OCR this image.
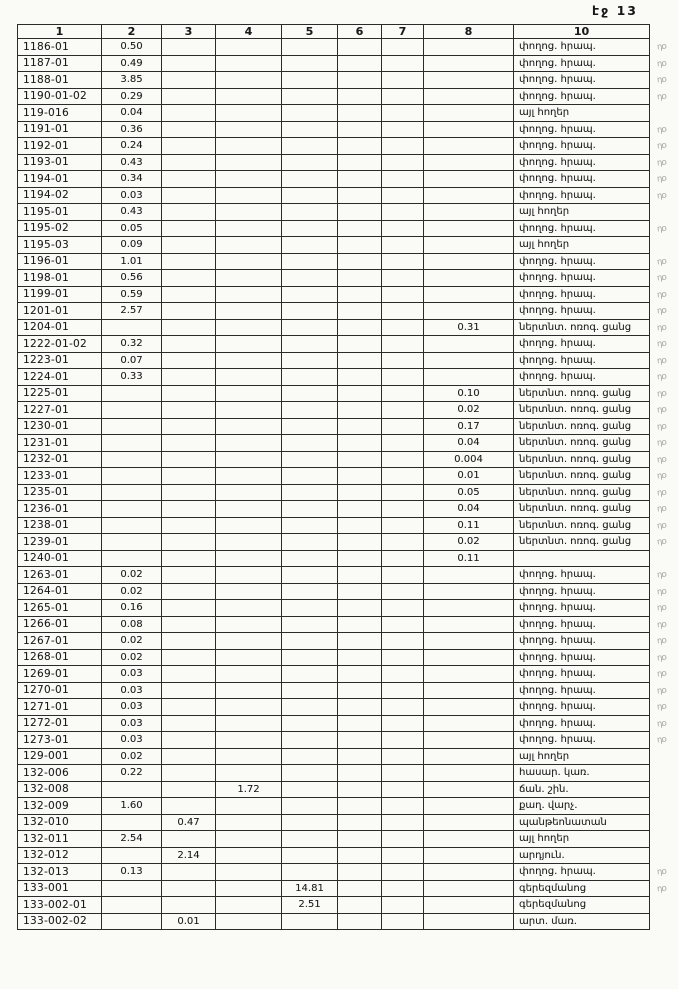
էջ 13
1	2	3	4	5	6	7	8	10	
1186-01	0.50							փողոց. հրապ.	դօ
1187-01	0.49							փողոց. հրապ.	դօ
1188-01	3.85							փողոց. հրապ.	դօ
1190-01-02	0.29							փողոց. հրապ.	դօ
119-016	0.04							այլ հողեր	
1191-01	0.36							փողոց. հրապ.	դօ
1192-01	0.24							փողոց. հրապ.	դօ
1193-01	0.43							փողոց. հրապ.	դօ
1194-01	0.34							փողոց. հրապ.	դօ
1194-02	0.03							փողոց. հրապ.	դօ
1195-01	0.43							այլ հողեր	
1195-02	0.05							փողոց. հրապ.	դօ
1195-03	0.09							այլ հողեր	
1196-01	1.01							փողոց. հրապ.	դօ
1198-01	0.56							փողոց. հրապ.	դօ
1199-01	0.59							փողոց. հրապ.	դօ
1201-01	2.57							փողոց. հրապ.	դօ
1204-01							0.31	ներտնտ. ոռոգ. ցանց	դօ
1222-01-02	0.32							փողոց. հրապ.	դօ
1223-01	0.07							փողոց. հրապ.	դօ
1224-01	0.33							փողոց. հրապ.	դօ
1225-01							0.10	ներտնտ. ոռոգ. ցանց	դօ
1227-01							0.02	ներտնտ. ոռոգ. ցանց	դօ
1230-01							0.17	ներտնտ. ոռոգ. ցանց	դօ
1231-01							0.04	ներտնտ. ոռոգ. ցանց	դօ
1232-01							0.004	ներտնտ. ոռոգ. ցանց	դօ
1233-01							0.01	ներտնտ. ոռոգ. ցանց	դօ
1235-01							0.05	ներտնտ. ոռոգ. ցանց	դօ
1236-01							0.04	ներտնտ. ոռոգ. ցանց	դօ
1238-01							0.11	ներտնտ. ոռոգ. ցանց	դօ
1239-01							0.02	ներտնտ. ոռոգ. ցանց	դօ
1240-01							0.11		
1263-01	0.02							փողոց. հրապ.	դօ
1264-01	0.02							փողոց. հրապ.	դօ
1265-01	0.16							փողոց. հրապ.	դօ
1266-01	0.08							փողոց. հրապ.	դօ
1267-01	0.02							փողոց. հրապ.	դօ
1268-01	0.02							փողոց. հրապ.	դօ
1269-01	0.03							փողոց. հրապ.	դօ
1270-01	0.03							փողոց. հրապ.	դօ
1271-01	0.03							փողոց. հրապ.	դօ
1272-01	0.03							փողոց. հրապ.	դօ
1273-01	0.03							փողոց. հրապ.	դօ
129-001	0.02							այլ հողեր	
132-006	0.22							հասար. կառ.	
132-008			1.72					ճան. շին.	
132-009	1.60							քաղ. վարչ.	
132-010		0.47						պանթեոնատան	
132-011	2.54							այլ հողեր	
132-012		2.14						արդյուն.	
132-013	0.13							փողոց. հրապ.	դօ
133-001				14.81				գերեզմանոց	դօ
133-002-01				2.51				գերեզմանոց	
133-002-02		0.01						արտ. մառ.	
